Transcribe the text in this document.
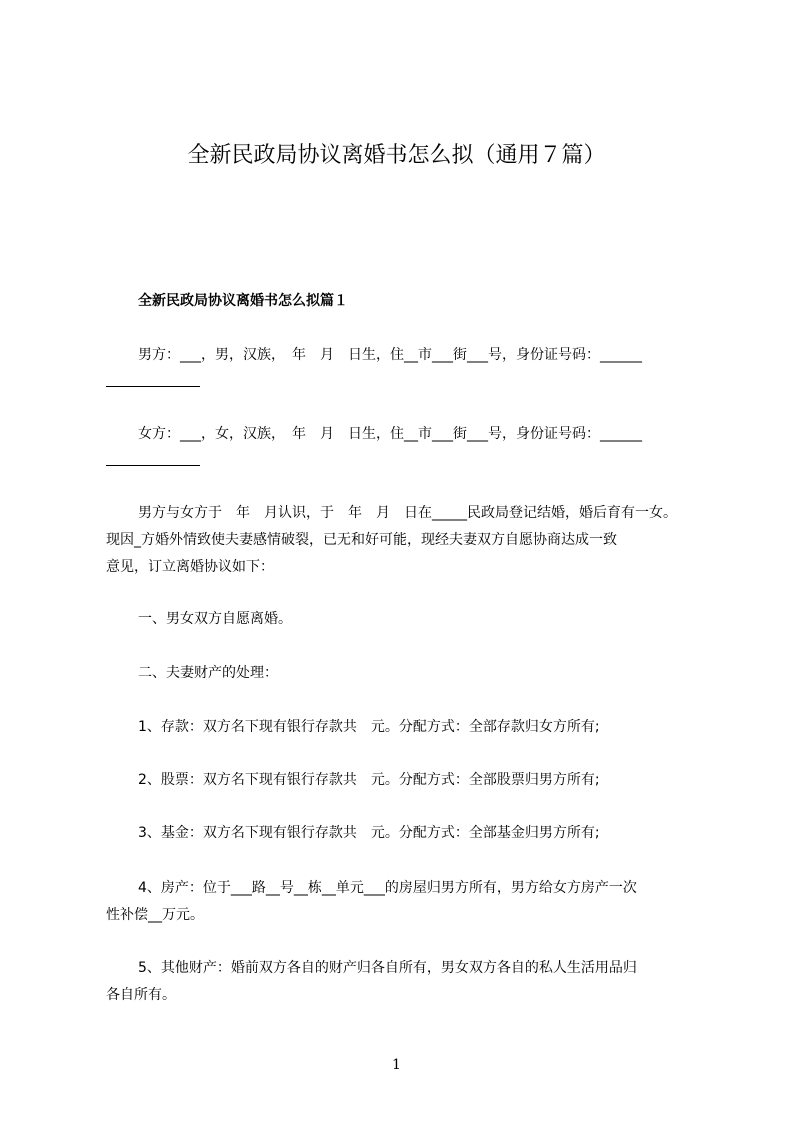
全新民政局协议离婚书怎么拟（通用７篇）
全新民政局协议离婚书怎么拟篇１
男方：___，男，汉族，　年　月　日生，住__市___街___号，身份证号码：______
女方：___，女，汉族，　年　月　日生，住__市___街___号，身份证号码：______
男方与女方于　年　月认识，于　年　月　日在_____民政局登记结婚，婚后育有一女。
现因_方婚外情致使夫妻感情破裂，已无和好可能，现经夫妻双方自愿协商达成一致
意见，订立离婚协议如下：
一、男女双方自愿离婚。
二、夫妻财产的处理：
1、存款：双方名下现有银行存款共　元。分配方式：全部存款归女方所有;
2、股票：双方名下现有银行存款共　元。分配方式：全部股票归男方所有;
3、基金：双方名下现有银行存款共　元。分配方式：全部基金归男方所有;
4、房产：位于___路__号__栋__单元___的房屋归男方所有，男方给女方房产一次
性补偿__万元。
5、其他财产：婚前双方各自的财产归各自所有，男女双方各自的私人生活用品归
各自所有。
1
